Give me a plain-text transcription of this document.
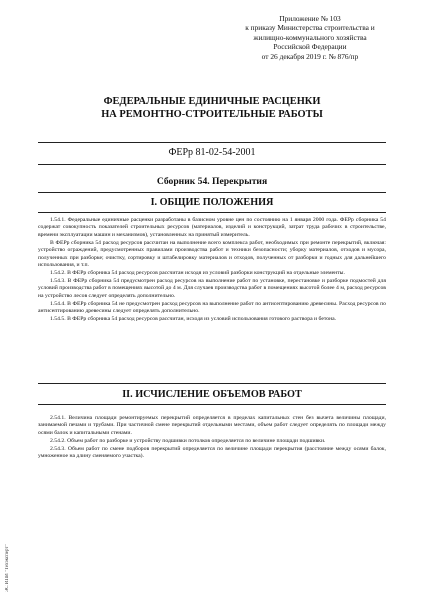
Приложение № 103
к приказу Министерства строительства и
жилищно-коммунального хозяйства
Российской Федерации
от 26 декабря 2019 г. № 876/пр
ФЕДЕРАЛЬНЫЕ ЕДИНИЧНЫЕ РАСЦЕНКИ
НА РЕМОНТНО-СТРОИТЕЛЬНЫЕ РАБОТЫ
ФЕРр 81-02-54-2001
Сборник 54. Перекрытия
I. ОБЩИЕ ПОЛОЖЕНИЯ

1.54.1. Федеральные единичные расценки разработаны в базисном уровне цен по состоянию на 1 января 2000 года. ФЕРр сборника 54 содержат совокупность показателей строительных ресурсов (материалов, изделий и конструкций, затрат труда рабочих в строительстве, времени эксплуатации машин и механизмов), установленных на принятый измеритель.

В ФЕРр сборника 54 расход ресурсов рассчитан на выполнение всего комплекса работ, необходимых при ремонте перекрытий, включая: устройство ограждений, предусмотренных правилами производства работ и техники безопасности; уборку материалов, отходов и мусора, полученных при разборке; очистку, сортировку и штабелировку материалов и отходов, полученных от разборки и годных для дальнейшего использования, и т.п.

1.54.2. В ФЕРр сборника 54 расход ресурсов рассчитан исходя из условий разборки конструкций на отдельные элементы.

1.54.3. В ФЕРр сборника 54 предусмотрен расход ресурсов на выполнение работ по установке, перестановке и разборке подмостей для условий производства работ в помещениях высотой до 4 м. Для случаев производства работ в помещениях высотой более 4 м, расход ресурсов на устройство лесов следует определять дополнительно.

1.54.4. В ФЕРр сборника 54 не предусмотрен расход ресурсов на выполнение работ по антисептированию древесины. Расход ресурсов по антисептированию древесины следует определять дополнительно.

1.54.5. В ФЕРр сборника 54 расход ресурсов рассчитан, исходя из условий использования готового раствора и бетона.

II. ИСЧИСЛЕНИЕ ОБЪЕМОВ РАБОТ

2.54.1. Величина площади ремонтируемых перекрытий определяется в пределах капитальных стен без вычета величины площади, занимаемой печами и трубами. При частичной смене перекрытий отдельными местами, объем работ следует определять по площади между осями балок и капитальными стенами.

2.54.2. Объем работ по разборке и устройству подшивки потолков определяется по величине площади подшивки.

2.54.3. Объем работ по смене подборов перекрытий определяется по величине площади перекрытия (расстояние между осями балок, умноженное на длину сменяемого участка).

ЭС ИПИ "Техэксперт"
